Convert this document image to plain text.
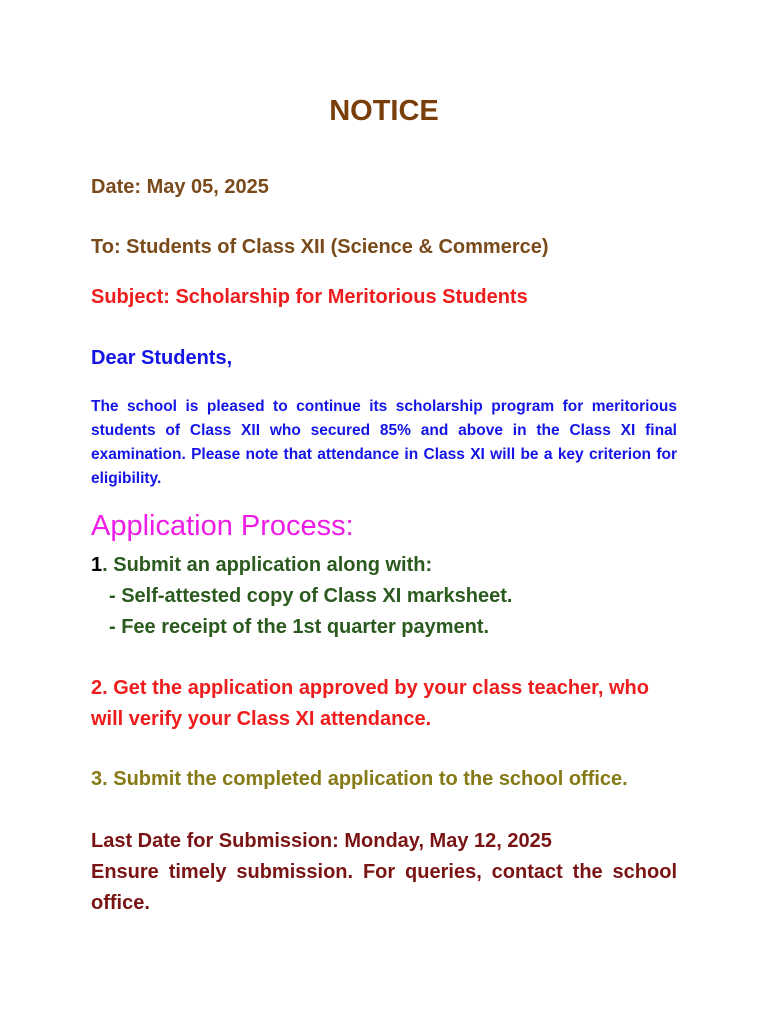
NOTICE
Date: May 05, 2025
To: Students of Class XII (Science & Commerce)
Subject: Scholarship for Meritorious Students
Dear Students,
The school is pleased to continue its scholarship program for meritorious students of Class XII who secured 85% and above in the Class XI final examination. Please note that attendance in Class XI will be a key criterion for eligibility.
Application Process:
1. Submit an application along with:
- Self-attested copy of Class XI marksheet.
- Fee receipt of the 1st quarter payment.
2. Get the application approved by your class teacher, who will verify your Class XI attendance.
3. Submit the completed application to the school office.
Last Date for Submission: Monday, May 12, 2025
Ensure timely submission. For queries, contact the school office.
